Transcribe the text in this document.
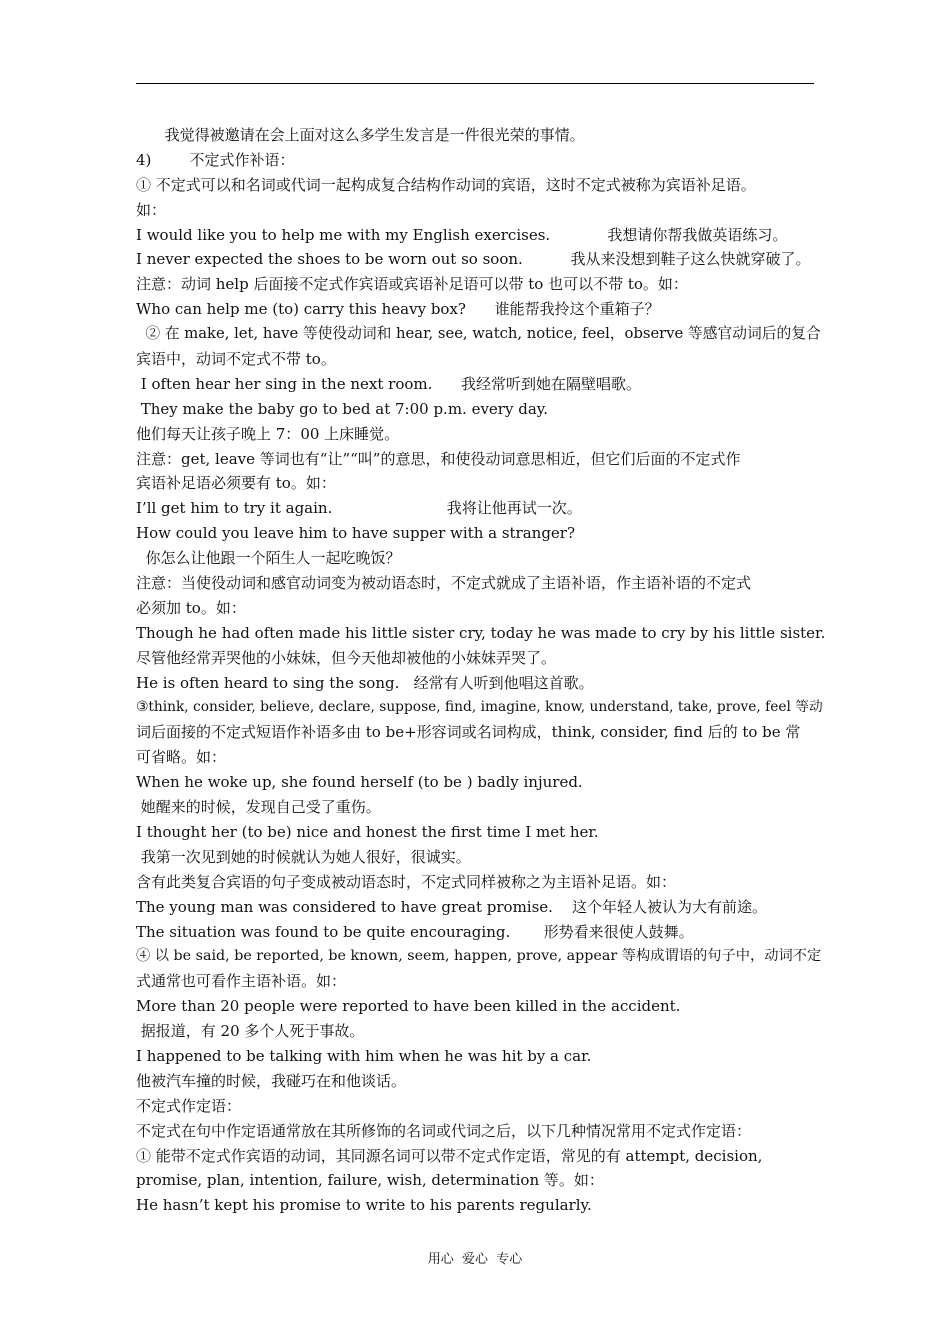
我觉得被邀请在会上面对这么多学生发言是一件很光荣的事情。
4)        不定式作补语：
① 不定式可以和名词或代词一起构成复合结构作动词的宾语，这时不定式被称为宾语补足语。
如：
I would like you to help me with my English exercises.            我想请你帮我做英语练习。
I never expected the shoes to be worn out so soon.          我从来没想到鞋子这么快就穿破了。
注意：动词 help 后面接不定式作宾语或宾语补足语可以带 to 也可以不带 to。如：
Who can help me (to) carry this heavy box?      谁能帮我拎这个重箱子？
② 在 make, let, have 等使役动词和 hear, see, watch, notice, feel，observe 等感官动词后的复合
宾语中，动词不定式不带 to。
I often hear her sing in the next room.      我经常听到她在隔壁唱歌。
They make the baby go to bed at 7:00 p.m. every day.
他们每天让孩子晚上 7：00 上床睡觉。
注意：get, leave 等词也有“让”“叫”的意思，和使役动词意思相近，但它们后面的不定式作
宾语补足语必须要有 to。如：
I’ll get him to try it again.                        我将让他再试一次。
How could you leave him to have supper with a stranger?
你怎么让他跟一个陌生人一起吃晚饭？
注意：当使役动词和感官动词变为被动语态时，不定式就成了主语补语，作主语补语的不定式
必须加 to。如：
Though he had often made his little sister cry, today he was made to cry by his little sister.
尽管他经常弄哭他的小妹妹，但今天他却被他的小妹妹弄哭了。
He is often heard to sing the song.   经常有人听到他唱这首歌。
③think, consider, believe, declare, suppose, find, imagine, know, understand, take, prove, feel 等动
词后面接的不定式短语作补语多由 to be+形容词或名词构成，think, consider, find 后的 to be 常
可省略。如：
When he woke up, she found herself (to be ) badly injured.
她醒来的时候，发现自己受了重伤。
I thought her (to be) nice and honest the first time I met her.
我第一次见到她的时候就认为她人很好，很诚实。
含有此类复合宾语的句子变成被动语态时，不定式同样被称之为主语补足语。如：
The young man was considered to have great promise.    这个年轻人被认为大有前途。
The situation was found to be quite encouraging.       形势看来很使人鼓舞。
④ 以 be said, be reported, be known, seem, happen, prove, appear 等构成谓语的句子中，动词不定
式通常也可看作主语补语。如：
More than 20 people were reported to have been killed in the accident.
据报道，有 20 多个人死于事故。
I happened to be talking with him when he was hit by a car.
他被汽车撞的时候，我碰巧在和他谈话。
不定式作定语：
不定式在句中作定语通常放在其所修饰的名词或代词之后，以下几种情况常用不定式作定语：
① 能带不定式作宾语的动词，其同源名词可以带不定式作定语，常见的有 attempt, decision,
promise, plan, intention, failure, wish, determination 等。如：
He hasn’t kept his promise to write to his parents regularly.
用心  爱心  专心
